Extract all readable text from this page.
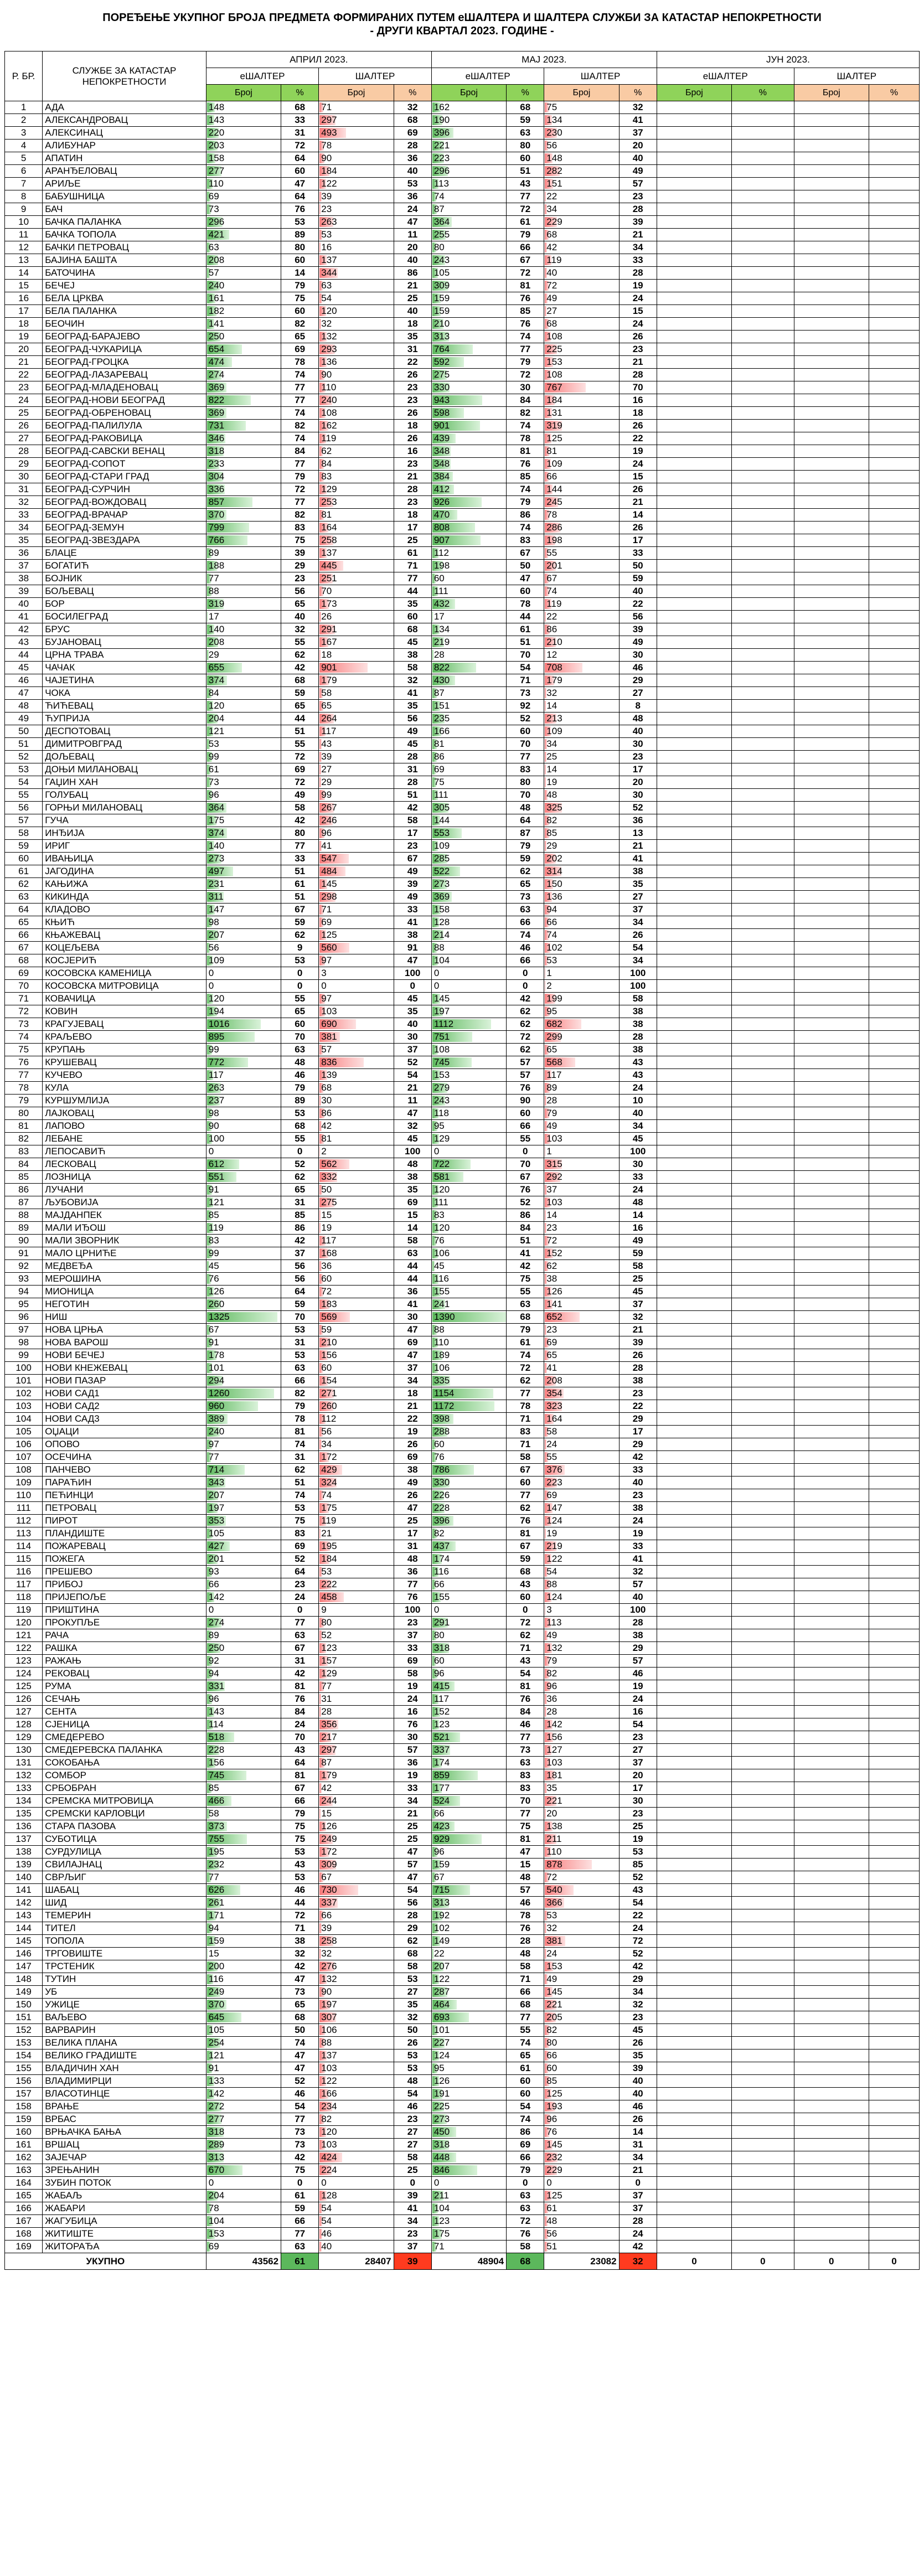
ПОРЕЂЕЊЕ УКУПНОГ БРОЈА ПРЕДМЕТА ФОРМИРАНИХ ПУТЕМ еШАЛТЕРА И ШАЛТЕРА СЛУЖБИ ЗА КАТАСТАР НЕПОКРЕТНОСТИ
- ДРУГИ КВАРТАЛ 2023. ГОДИНЕ -
Р. БР.	СЛУЖБЕ ЗА КАТАСТАР НЕПОКРЕТНОСТИ	АПРИЛ 2023.				МАЈ 2023.				ЈУН 2023.			
		еШАЛТЕР		ШАЛТЕР		еШАЛТЕР		ШАЛТЕР		еШАЛТЕР		ШАЛТЕР	
		Број	%	Број	%	Број	%	Број	%	Број	%	Број	%
1	АДА	148	68	71	32	162	68	75	32				
2	АЛЕКСАНДРОВАЦ	143	33	297	68	190	59	134	41				
3	АЛЕКСИНАЦ	220	31	493	69	396	63	230	37				
4	АЛИБУНАР	203	72	78	28	221	80	56	20				
5	АПАТИН	158	64	90	36	223	60	148	40				
6	АРАНЂЕЛОВАЦ	277	60	184	40	296	51	282	49				
7	АРИЉЕ	110	47	122	53	113	43	151	57				
8	БАБУШНИЦА	69	64	39	36	74	77	22	23				
9	БАЧ	73	76	23	24	87	72	34	28				
10	БАЧКА ПАЛАНКА	296	53	263	47	364	61	229	39				
11	БАЧКА ТОПОЛА	421	89	53	11	255	79	68	21				
12	БАЧКИ ПЕТРОВАЦ	63	80	16	20	80	66	42	34				
13	БАЈИНА БАШТА	208	60	137	40	243	67	119	33				
14	БАТОЧИНА	57	14	344	86	105	72	40	28				
15	БЕЧЕЈ	240	79	63	21	309	81	72	19				
16	БЕЛА ЦРКВА	161	75	54	25	159	76	49	24				
17	БЕЛА ПАЛАНКА	182	60	120	40	159	85	27	15				
18	БЕОЧИН	141	82	32	18	210	76	68	24				
19	БЕОГРАД-БАРАЈЕВО	250	65	132	35	313	74	108	26				
20	БЕОГРАД-ЧУКАРИЦА	654	69	293	31	764	77	225	23				
21	БЕОГРАД-ГРОЦКА	474	78	136	22	592	79	153	21				
22	БЕОГРАД-ЛАЗАРЕВАЦ	274	74	90	26	275	72	108	28				
23	БЕОГРАД-МЛАДЕНОВАЦ	369	77	110	23	330	30	767	70				
24	БЕОГРАД-НОВИ БЕОГРАД	822	77	240	23	943	84	184	16				
25	БЕОГРАД-ОБРЕНОВАЦ	369	74	108	26	598	82	131	18				
26	БЕОГРАД-ПАЛИЛУЛА	731	82	162	18	901	74	319	26				
27	БЕОГРАД-РАКОВИЦА	346	74	119	26	439	78	125	22				
28	БЕОГРАД-САВСКИ ВЕНАЦ	318	84	62	16	348	81	81	19				
29	БЕОГРАД-СОПОТ	233	77	84	23	348	76	109	24				
30	БЕОГРАД-СТАРИ ГРАД	304	79	83	21	384	85	66	15				
31	БЕОГРАД-СУРЧИН	336	72	129	28	412	74	144	26				
32	БЕОГРАД-ВОЖДОВАЦ	857	77	253	23	926	79	245	21				
33	БЕОГРАД-ВРАЧАР	370	82	81	18	470	86	78	14				
34	БЕОГРАД-ЗЕМУН	799	83	164	17	808	74	286	26				
35	БЕОГРАД-ЗВЕЗДАРА	766	75	258	25	907	83	198	17				
36	БЛАЦЕ	89	39	137	61	112	67	55	33				
37	БОГАТИЋ	188	29	445	71	198	50	201	50				
38	БОЈНИК	77	23	251	77	60	47	67	59				
39	БОЉЕВАЦ	88	56	70	44	111	60	74	40				
40	БОР	319	65	173	35	432	78	119	22				
41	БОСИЛЕГРАД	17	40	26	60	17	44	22	56				
42	БРУС	140	32	291	68	134	61	86	39				
43	БУЈАНОВАЦ	208	55	167	45	219	51	210	49				
44	ЦРНА ТРАВА	29	62	18	38	28	70	12	30				
45	ЧАЧАК	655	42	901	58	822	54	708	46				
46	ЧАЈЕТИНА	374	68	179	32	430	71	179	29				
47	ЧОКА	84	59	58	41	87	73	32	27				
48	ЋИЋЕВАЦ	120	65	65	35	151	92	14	8				
49	ЋУПРИЈА	204	44	264	56	235	52	213	48				
50	ДЕСПОТОВАЦ	121	51	117	49	166	60	109	40				
51	ДИМИТРОВГРАД	53	55	43	45	81	70	34	30				
52	ДОЉЕВАЦ	99	72	39	28	86	77	25	23				
53	ДОЊИ МИЛАНОВАЦ	61	69	27	31	69	83	14	17				
54	ГАЏИН ХАН	73	72	29	28	75	80	19	20				
55	ГОЛУБАЦ	96	49	99	51	111	70	48	30				
56	ГОРЊИ МИЛАНОВАЦ	364	58	267	42	305	48	325	52				
57	ГУЧА	175	42	246	58	144	64	82	36				
58	ИНЂИЈА	374	80	96	17	553	87	85	13				
59	ИРИГ	140	77	41	23	109	79	29	21				
60	ИВАЊИЦА	273	33	547	67	285	59	202	41				
61	ЈАГОДИНА	497	51	484	49	522	62	314	38				
62	КАЊИЖА	231	61	145	39	273	65	150	35				
63	КИКИНДА	311	51	298	49	369	73	136	27				
64	КЛАДОВО	147	67	71	33	158	63	94	37				
65	КЊИЋ	98	59	69	41	128	66	66	34				
66	КЊАЖЕВАЦ	207	62	125	38	214	74	74	26				
67	КОЦЕЉЕВА	56	9	560	91	88	46	102	54				
68	КОСЈЕРИЋ	109	53	97	47	104	66	53	34				
69	КОСОВСКА КАМЕНИЦА	0	0	3	100	0	0	1	100				
70	КОСОВСКА МИТРОВИЦА	0	0	0	0	0	0	2	100				
71	КОВАЧИЦА	120	55	97	45	145	42	199	58				
72	КОВИН	194	65	103	35	197	62	95	38				
73	КРАГУЈЕВАЦ	1016	60	690	40	1112	62	682	38				
74	КРАЉЕВО	895	70	381	30	751	72	299	28				
75	КРУПАЊ	99	63	57	37	108	62	65	38				
76	КРУШЕВАЦ	772	48	836	52	745	57	568	43				
77	КУЧЕВО	117	46	139	54	153	57	117	43				
78	КУЛА	263	79	68	21	279	76	89	24				
79	КУРШУМЛИЈА	237	89	30	11	243	90	28	10				
80	ЛАЈКОВАЦ	98	53	86	47	118	60	79	40				
81	ЛАПОВО	90	68	42	32	95	66	49	34				
82	ЛЕБАНЕ	100	55	81	45	129	55	103	45				
83	ЛЕПОСАВИЋ	0	0	2	100	0	0	1	100				
84	ЛЕСКОВАЦ	612	52	562	48	722	70	315	30				
85	ЛОЗНИЦА	551	62	332	38	581	67	292	33				
86	ЛУЧАНИ	91	65	50	35	120	76	37	24				
87	ЉУБОВИЈА	121	31	275	69	111	52	103	48				
88	МАЈДАНПЕК	85	85	15	15	83	86	14	14				
89	МАЛИ ИЂОШ	119	86	19	14	120	84	23	16				
90	МАЛИ ЗВОРНИК	83	42	117	58	76	51	72	49				
91	МАЛО ЦРНИЋЕ	99	37	168	63	106	41	152	59				
92	МЕДВЕЂА	45	56	36	44	45	42	62	58				
93	МЕРОШИНА	76	56	60	44	116	75	38	25				
94	МИОНИЦА	126	64	72	36	155	55	126	45				
95	НЕГОТИН	260	59	183	41	241	63	141	37				
96	НИШ	1325	70	569	30	1390	68	652	32				
97	НОВА ЦРЊА	67	53	59	47	88	79	23	21				
98	НОВА ВАРОШ	91	31	210	69	110	61	69	39				
99	НОВИ БЕЧЕЈ	178	53	156	47	189	74	65	26				
100	НОВИ КНЕЖЕВАЦ	101	63	60	37	106	72	41	28				
101	НОВИ ПАЗАР	294	66	154	34	335	62	208	38				
102	НОВИ САД1	1260	82	271	18	1154	77	354	23				
103	НОВИ САД2	960	79	260	21	1172	78	323	22				
104	НОВИ САД3	389	78	112	22	398	71	164	29				
105	ОЏАЦИ	240	81	56	19	288	83	58	17				
106	ОПОВО	97	74	34	26	60	71	24	29				
107	ОСЕЧИНА	77	31	172	69	76	58	55	42				
108	ПАНЧЕВО	714	62	429	38	786	67	376	33				
109	ПАРАЋИН	343	51	324	49	330	60	223	40				
110	ПЕЋИНЦИ	207	74	74	26	226	77	69	23				
111	ПЕТРОВАЦ	197	53	175	47	228	62	147	38				
112	ПИРОТ	353	75	119	25	396	76	124	24				
113	ПЛАНДИШТЕ	105	83	21	17	82	81	19	19				
114	ПОЖАРЕВАЦ	427	69	195	31	437	67	219	33				
115	ПОЖЕГА	201	52	184	48	174	59	122	41				
116	ПРЕШЕВО	93	64	53	36	116	68	54	32				
117	ПРИБОЈ	66	23	222	77	66	43	88	57				
118	ПРИЈЕПОЉЕ	142	24	458	76	155	60	124	40				
119	ПРИШТИНА	0	0	9	100	0	0	3	100				
120	ПРОКУПЉЕ	274	77	80	23	291	72	113	28				
121	РАЧА	89	63	52	37	80	62	49	38				
122	РАШКА	250	67	123	33	318	71	132	29				
123	РАЖАЊ	92	31	157	69	60	43	79	57				
124	РЕКОВАЦ	94	42	129	58	96	54	82	46				
125	РУМА	331	81	77	19	415	81	96	19				
126	СЕЧАЊ	96	76	31	24	117	76	36	24				
127	СЕНТА	143	84	28	16	152	84	28	16				
128	СЈЕНИЦА	114	24	356	76	123	46	142	54				
129	СМЕДЕРЕВО	518	70	217	30	521	77	156	23				
130	СМЕДЕРЕВСКА ПАЛАНКА	228	43	297	57	337	73	127	27				
131	СОКОБАЊА	156	64	87	36	174	63	103	37				
132	СОМБОР	745	81	179	19	859	83	181	20				
133	СРБОБРАН	85	67	42	33	177	83	35	17				
134	СРЕМСКА МИТРОВИЦА	466	66	244	34	524	70	221	30				
135	СРЕМСКИ КАРЛОВЦИ	58	79	15	21	66	77	20	23				
136	СТАРА ПАЗОВА	373	75	126	25	423	75	138	25				
137	СУБОТИЦА	755	75	249	25	929	81	211	19				
138	СУРДУЛИЦА	195	53	172	47	96	47	110	53				
139	СВИЛАЈНАЦ	232	43	309	57	159	15	878	85				
140	СВРЉИГ	77	53	67	47	67	48	72	52				
141	ШАБАЦ	626	46	730	54	715	57	540	43				
142	ШИД	261	44	337	56	313	46	366	54				
143	ТЕМЕРИН	171	72	66	28	192	78	53	22				
144	ТИТЕЛ	94	71	39	29	102	76	32	24				
145	ТОПОЛА	159	38	258	62	149	28	381	72				
146	ТРГОВИШТЕ	15	32	32	68	22	48	24	52				
147	ТРСТЕНИК	200	42	276	58	207	58	153	42				
148	ТУТИН	116	47	132	53	122	71	49	29				
149	УБ	249	73	90	27	287	66	145	34				
150	УЖИЦЕ	370	65	197	35	464	68	221	32				
151	ВАЉЕВО	645	68	307	32	693	77	205	23				
152	ВАРВАРИН	105	50	106	50	101	55	82	45				
153	ВЕЛИКА ПЛАНА	254	74	88	26	227	74	80	26				
154	ВЕЛИКО ГРАДИШТЕ	121	47	137	53	124	65	66	35				
155	ВЛАДИЧИН ХАН	91	47	103	53	95	61	60	39				
156	ВЛАДИМИРЦИ	133	52	122	48	126	60	85	40				
157	ВЛАСОТИНЦЕ	142	46	166	54	191	60	125	40				
158	ВРАЊЕ	272	54	234	46	225	54	193	46				
159	ВРБАС	277	77	82	23	273	74	96	26				
160	ВРЊАЧКА БАЊА	318	73	120	27	450	86	76	14				
161	ВРШАЦ	289	73	103	27	318	69	145	31				
162	ЗАЈЕЧАР	313	42	424	58	448	66	232	34				
163	ЗРЕЊАНИН	670	75	224	25	846	79	229	21				
164	ЗУБИН ПОТОК	0	0	0	0	0	0	0	0				
165	ЖАБАЉ	204	61	128	39	211	63	125	37				
166	ЖАБАРИ	78	59	54	41	104	63	61	37				
167	ЖАГУБИЦА	104	66	54	34	123	72	48	28				
168	ЖИТИШТЕ	153	77	46	23	175	76	56	24				
169	ЖИТОРАЂА	69	63	40	37	71	58	51	42				
УКУПНО		43562	61	28407	39	48904	68	23082	32	0	0	0	0
